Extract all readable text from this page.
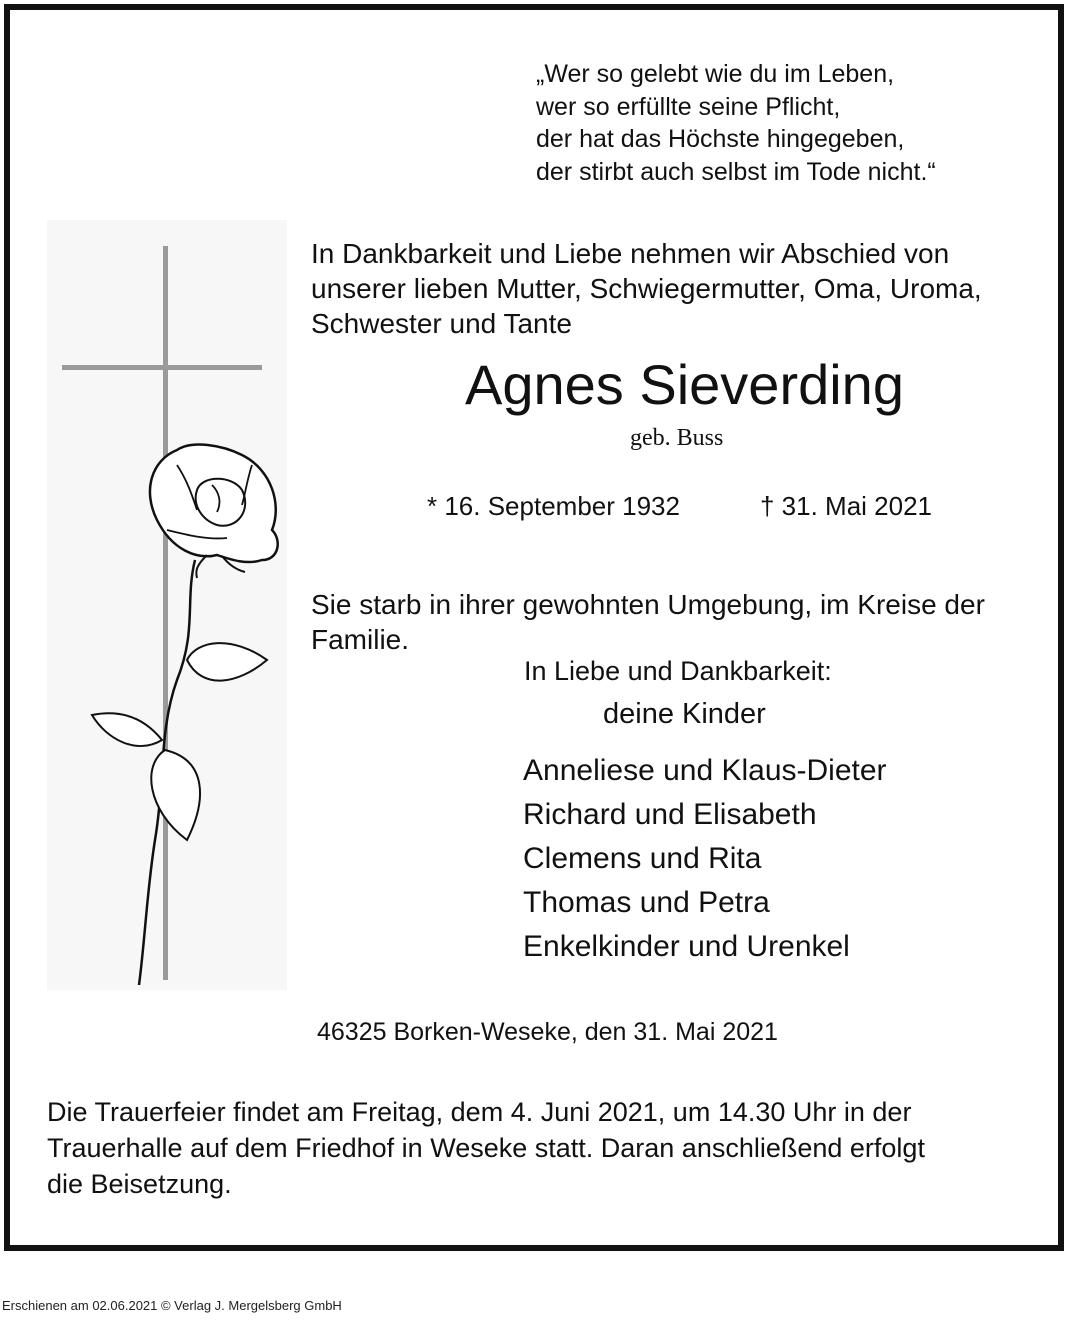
„Wer so gelebt wie du im Leben,
wer so erfüllte seine Pflicht,
der hat das Höchste hingegeben,
der stirbt auch selbst im Tode nicht.“
In Dankbarkeit und Liebe nehmen wir Abschied von
unserer lieben Mutter, Schwiegermutter, Oma, Uroma,
Schwester und Tante
Agnes Sieverding
geb. Buss
* 16. September 1932	† 31. Mai 2021
Sie starb in ihrer gewohnten Umgebung, im Kreise der
Familie.
In Liebe und Dankbarkeit:
deine Kinder
Anneliese und Klaus-Dieter
Richard und Elisabeth
Clemens und Rita
Thomas und Petra
Enkelkinder und Urenkel
46325 Borken-Weseke, den 31. Mai 2021
Die Trauerfeier findet am Freitag, dem 4. Juni 2021, um 14.30 Uhr in der
Trauerhalle auf dem Friedhof in Weseke statt. Daran anschließend erfolgt
die Beisetzung.
Erschienen am 02.06.2021 © Verlag J. Mergelsberg GmbH
